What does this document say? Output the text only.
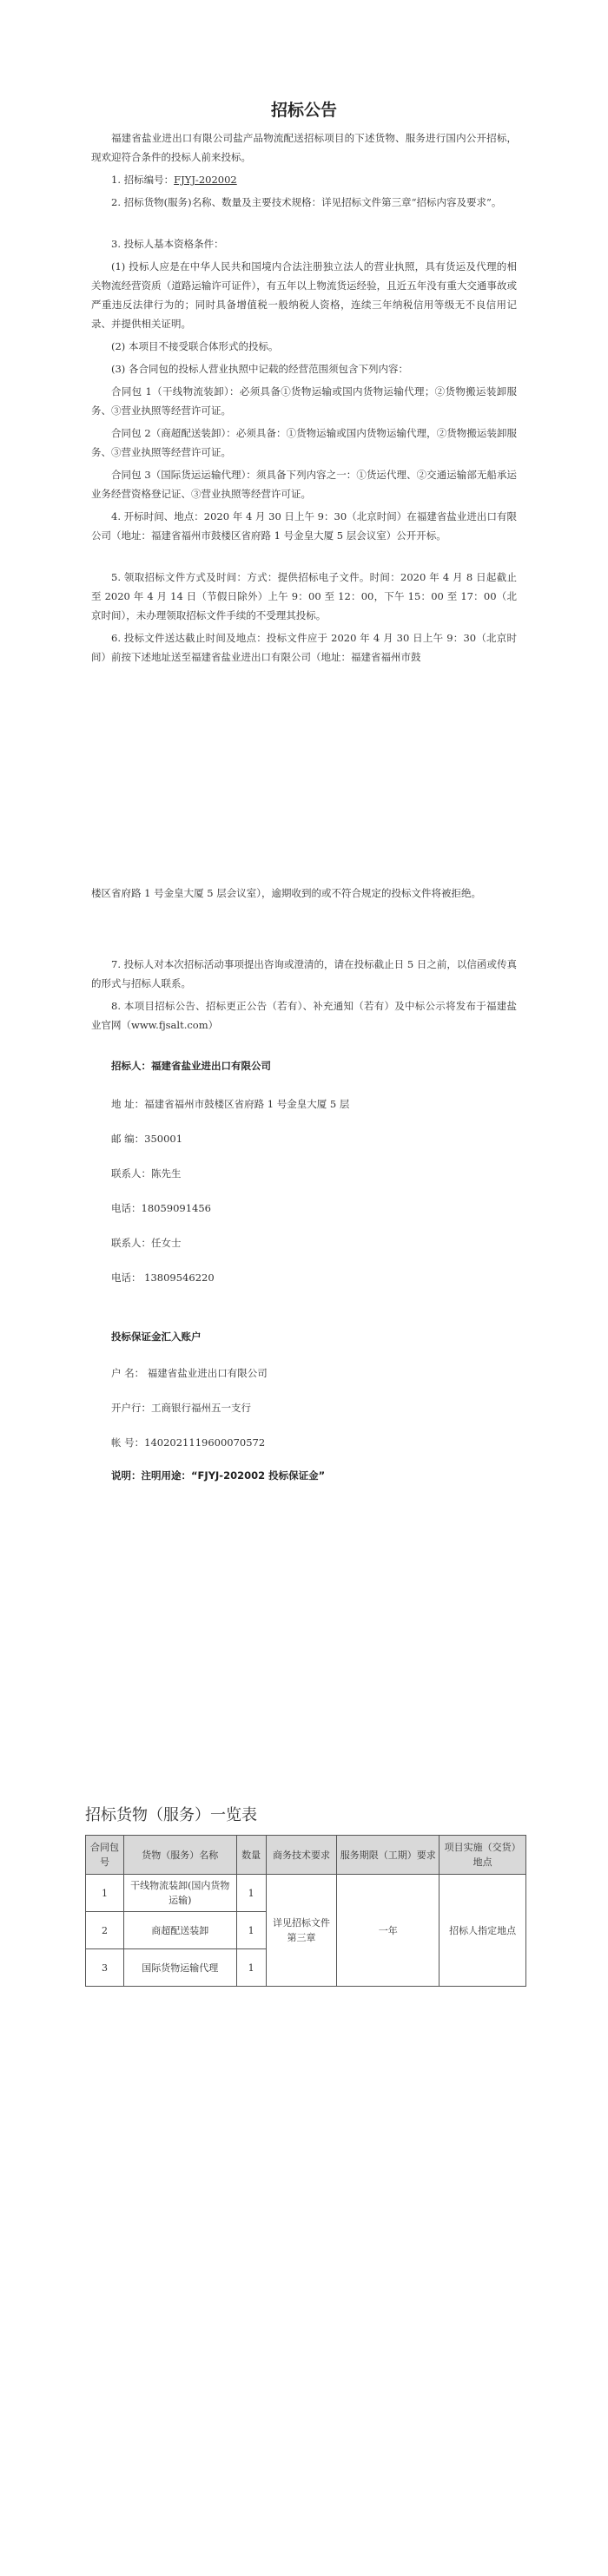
招标公告
福建省盐业进出口有限公司盐产品物流配送招标项目的下述货物、服务进行国内公开招标，现欢迎符合条件的投标人前来投标。
1. 招标编号：FJYJ-202002
2. 招标货物(服务)名称、数量及主要技术规格：详见招标文件第三章“招标内容及要求”。
3. 投标人基本资格条件：
(1) 投标人应是在中华人民共和国境内合法注册独立法人的营业执照，具有货运及代理的相关物流经营资质（道路运输许可证件），有五年以上物流货运经验，且近五年没有重大交通事故或严重违反法律行为的；同时具备增值税一般纳税人资格，连续三年纳税信用等级无不良信用记录、并提供相关证明。
(2) 本项目不接受联合体形式的投标。
(3) 各合同包的投标人营业执照中记载的经营范围须包含下列内容：
合同包 1（干线物流装卸）：必须具备①货物运输或国内货物运输代理；②货物搬运装卸服务、③营业执照等经营许可证。
合同包 2（商超配送装卸）：必须具备：①货物运输或国内货物运输代理，②货物搬运装卸服务、③营业执照等经营许可证。
合同包 3（国际货运运输代理）：须具备下列内容之一：①货运代理、②交通运输部无船承运业务经营资格登记证、③营业执照等经营许可证。
4. 开标时间、地点：2020 年 4 月 30 日上午 9：30（北京时间）在福建省盐业进出口有限公司（地址：福建省福州市鼓楼区省府路 1 号金皇大厦 5 层会议室）公开开标。
5. 领取招标文件方式及时间：方式：提供招标电子文件。时间：2020 年 4 月 8 日起截止至 2020 年 4 月 14 日（节假日除外）上午 9：00 至 12：00，下午 15：00 至 17：00（北京时间），未办理领取招标文件手续的不受理其投标。
6. 投标文件送达截止时间及地点：投标文件应于 2020 年 4 月 30 日上午 9：30（北京时间）前按下述地址送至福建省盐业进出口有限公司（地址：福建省福州市鼓
楼区省府路 1 号金皇大厦 5 层会议室），逾期收到的或不符合规定的投标文件将被拒绝。
7. 投标人对本次招标活动事项提出咨询或澄清的，请在投标截止日 5 日之前，以信函或传真的形式与招标人联系。
8. 本项目招标公告、招标更正公告（若有）、补充通知（若有）及中标公示将发布于福建盐业官网（www.fjsalt.com）
招标人：福建省盐业进出口有限公司
地 址：福建省福州市鼓楼区省府路 1 号金皇大厦 5 层
邮 编：350001
联系人：陈先生
电话：18059091456
联系人：任女士
电话： 13809546220
投标保证金汇入账户
户 名： 福建省盐业进出口有限公司
开户行：工商银行福州五一支行
帐 号：1402021119600070572
说明：注明用途：“FJYJ-202002 投标保证金”
招标货物（服务）一览表
合同包号	货物（服务）名称	数量	商务技术要求	服务期限（工期）要求	项目实施（交货）地点
1	干线物流装卸(国内货物运输)	1	详见招标文件第三章	一年	招标人指定地点
2	商超配送装卸	1			
3	国际货物运输代理	1			
